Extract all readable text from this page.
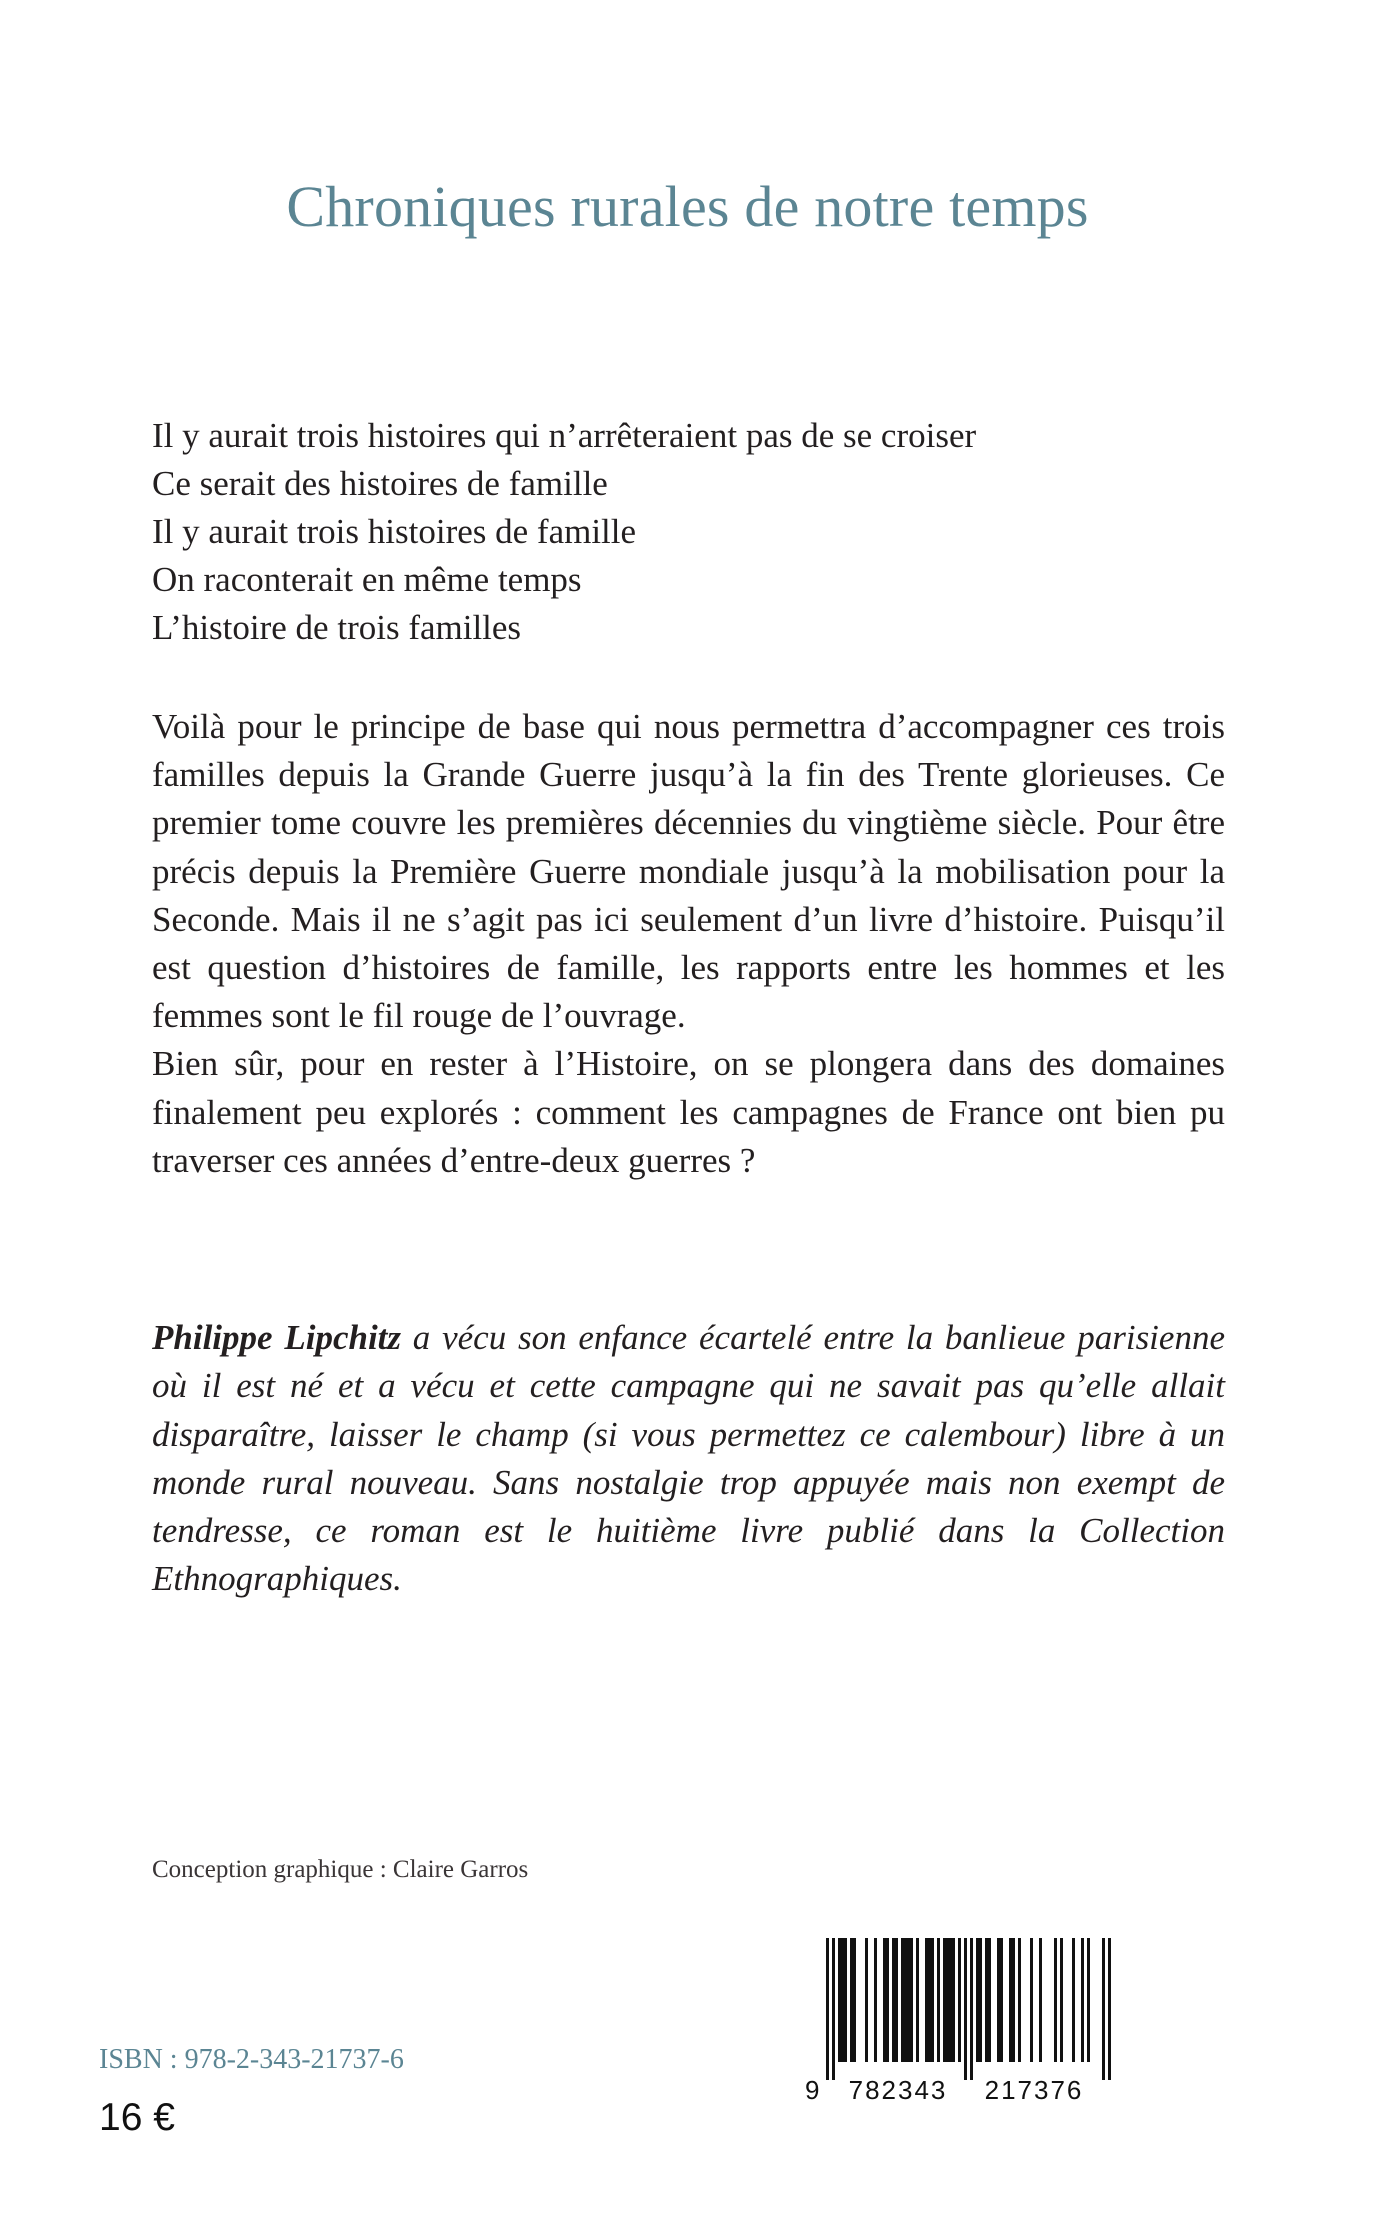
Chroniques rurales de notre temps
Il y aurait trois histoires qui n’arrêteraient pas de se croiser
Ce serait des histoires de famille
Il y aurait trois histoires de famille
On raconterait en même temps
L’histoire de trois familles

Voilà pour le principe de base qui nous permettra d’accompagner ces trois familles depuis la Grande Guerre jusqu’à la fin des Trente glorieuses. Ce premier tome couvre les premières décennies du vingtième siècle. Pour être précis depuis la Première Guerre mondiale jusqu’à la mobilisation pour la Seconde. Mais il ne s’agit pas ici seulement d’un livre d’histoire. Puisqu’il est question d’histoires de famille, les rapports entre les hommes et les femmes sont le fil rouge de l’ouvrage.

Bien sûr, pour en rester à l’Histoire, on se plongera dans des domaines finalement peu explorés : comment les campagnes de France ont bien pu traverser ces années d’entre-deux guerres ?

Philippe Lipchitz a vécu son enfance écartelé entre la banlieue parisienne où il est né et a vécu et cette campagne qui ne savait pas qu’elle allait disparaître, laisser le champ (si vous permettez ce calembour) libre à un monde rural nouveau. Sans nostalgie trop appuyée mais non exempt de tendresse, ce roman est le huitième livre publié dans la Collection Ethnographiques.
Conception graphique : Claire Garros
ISBN : 978-2-343-21737-6
16 €
9 782343 217376
